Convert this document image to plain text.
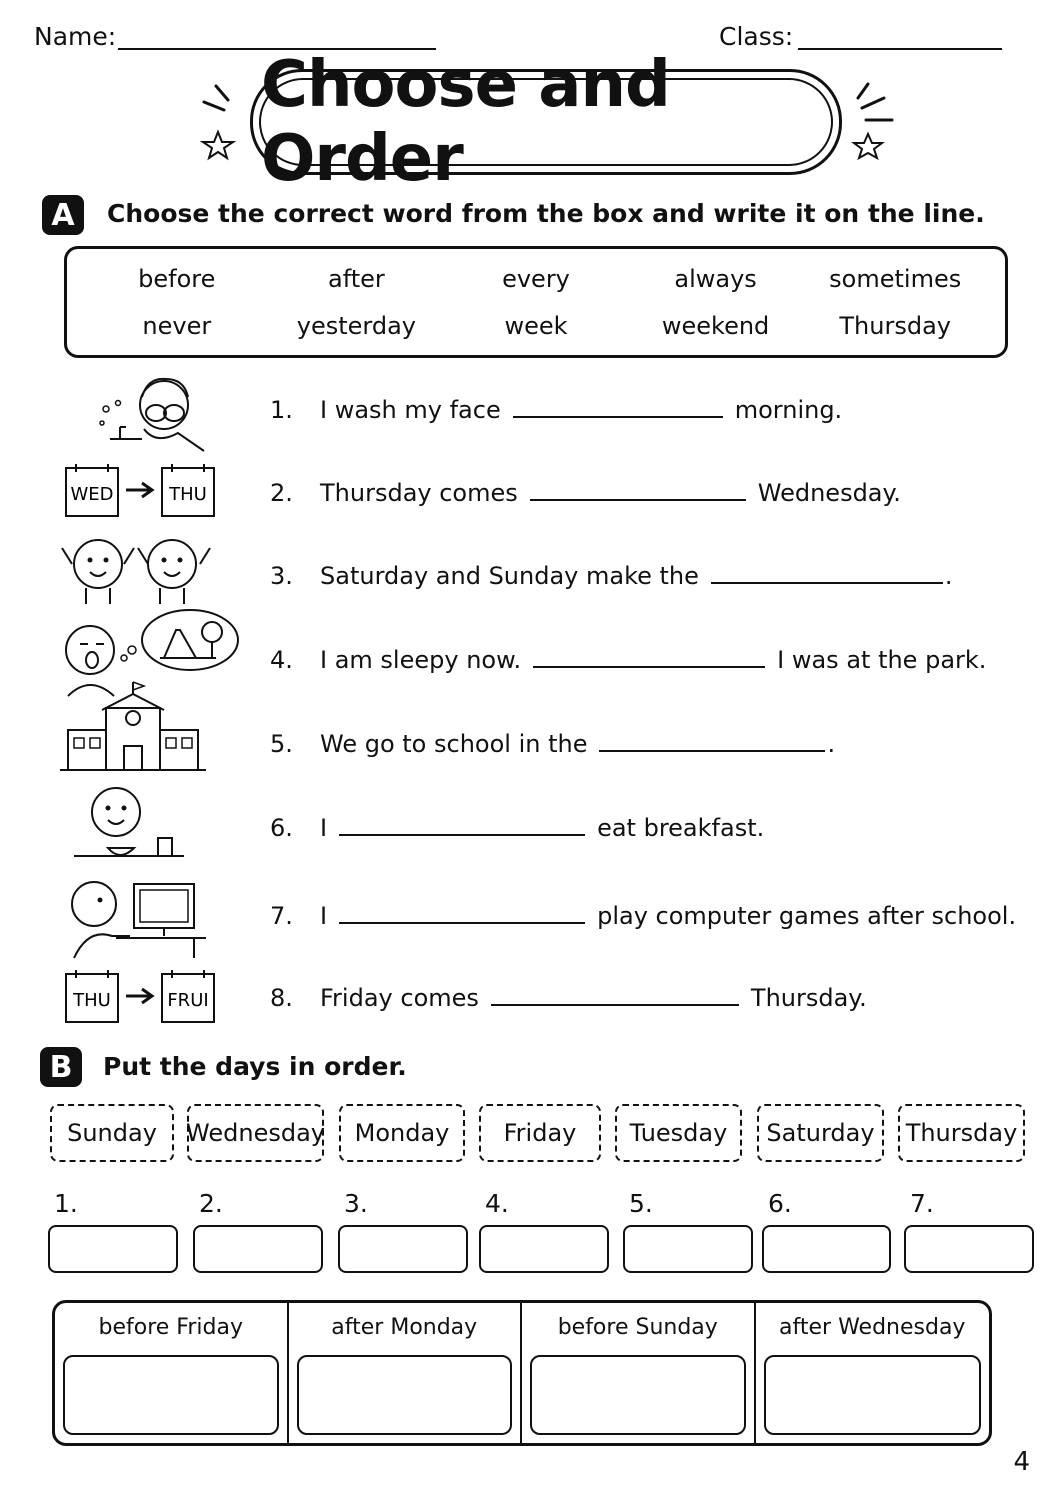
Name:	Class:
Choose and Order
A	Choose the correct word from the box and write it on the line.
before	after	every	always	sometimes
never	yesterday	week	weekend	Thursday
1. I wash my face	morning.
2. Thursday comes	Wednesday.
3. Saturday and Sunday make the	.
4. I am sleepy now.	I was at the park.
5. We go to school in the	.
6. I	eat breakfast.
7. I	play computer games after school.
8. Friday comes	Thursday.
WED	THU
THU	FRUI
B	Put the days in order.
Sunday	Wednesday	Monday	Friday	Tuesday	Saturday	Thursday
1.	2.	3.	4.	5.	6.	7.
before Friday	after Monday	before Sunday	after Wednesday
4
